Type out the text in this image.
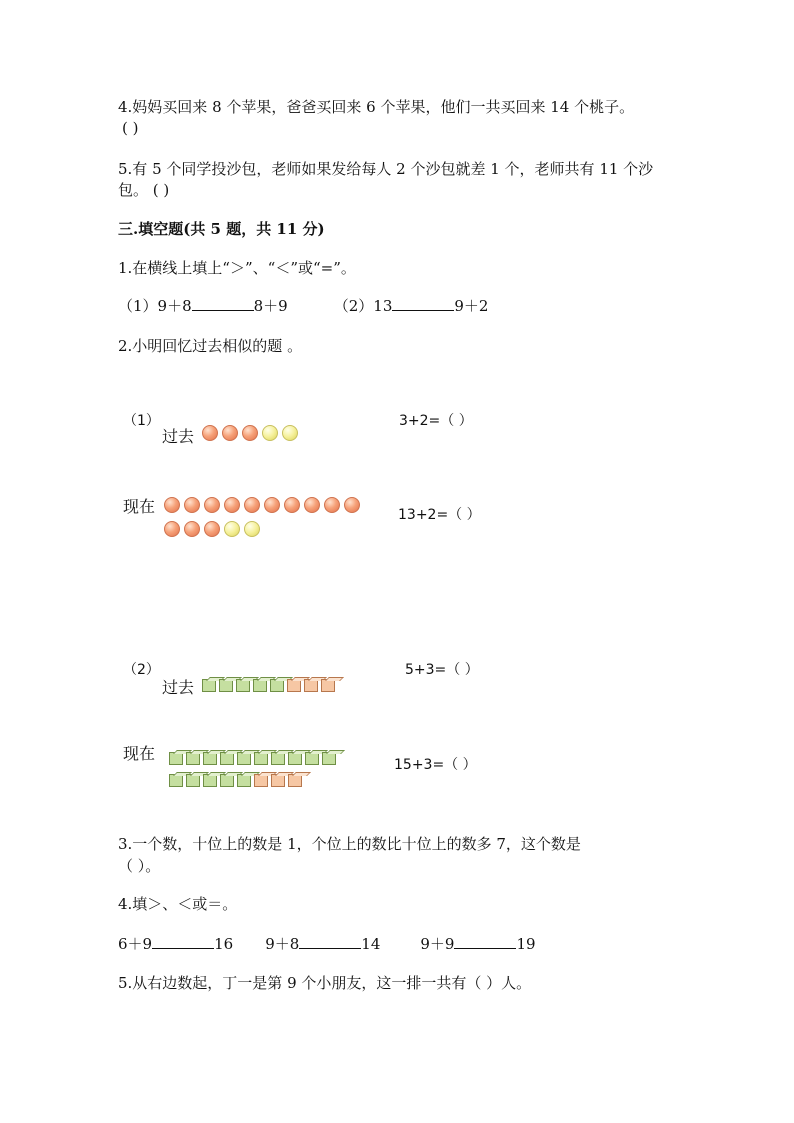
4.妈妈买回来 8 个苹果，爸爸买回来 6 个苹果，他们一共买回来 14 个桃子。
( )
5.有 5 个同学投沙包，老师如果发给每人 2 个沙包就差 1 个，老师共有 11 个沙
包。 ( )
三.填空题(共 5 题，共 11 分)
1.在横线上填上“＞”、“＜”或“=”。
（1）9＋8	8＋9	（2）13	9＋2
2.小明回忆过去相似的题 。
（1）
过去
3+2=（ ）
现在	13+2=（ ）
（2）
过去
5+3=（ ）
现在
15+3=（ ）
3.一个数，十位上的数是 1，个位上的数比十位上的数多 7，这个数是
（ ）。
4.填＞、＜或＝。
6＋9	16 9＋8	14	9＋9	19
5.从右边数起，丁一是第 9 个小朋友，这一排一共有（ ）人。
